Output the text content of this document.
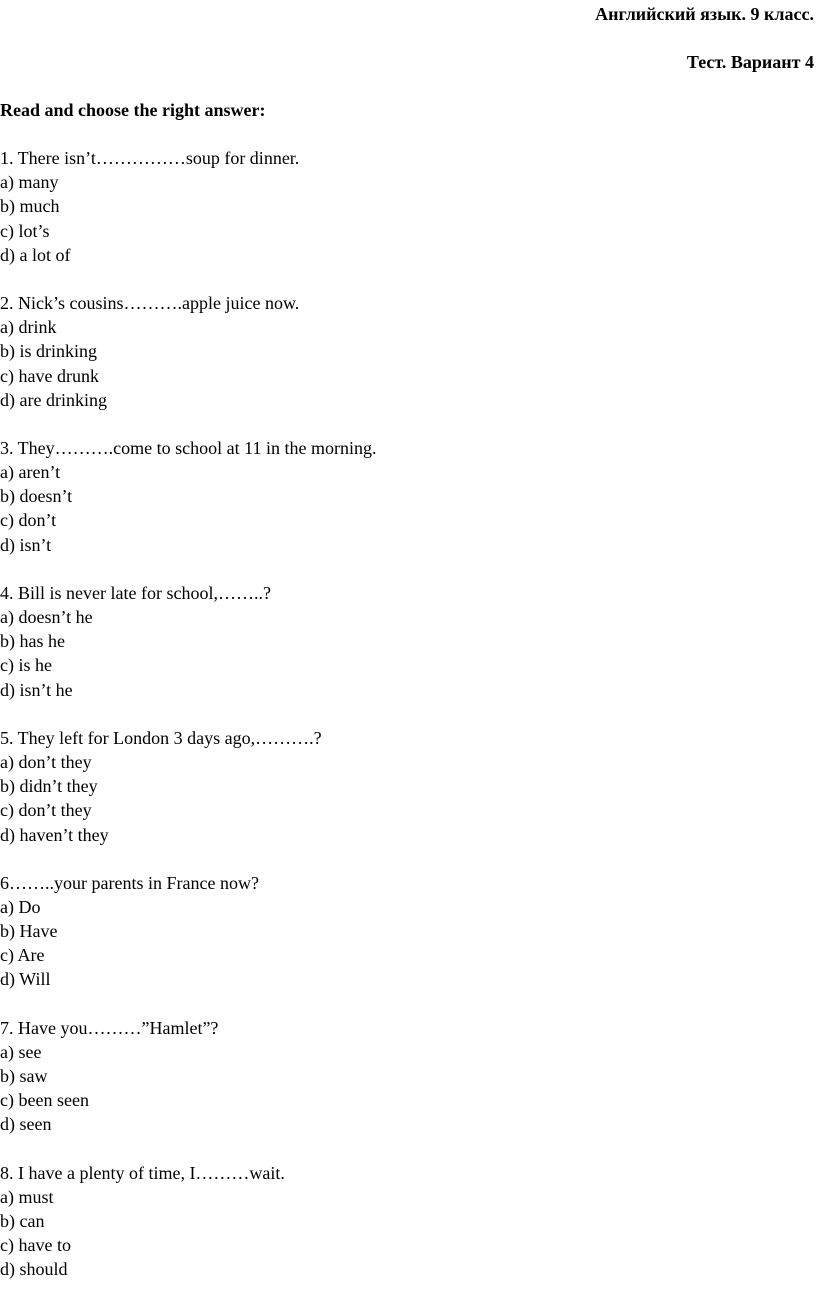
Английский язык. 9 класс.
Тест. Вариант 4
Read and choose the right answer:
1. There isn’t……………soup for dinner.
a) many
b) much
c) lot’s
d) a lot of
2. Nick’s cousins……….apple juice now.
a) drink
b) is drinking
c) have drunk
d) are drinking
3. They……….come to school at 11 in the morning.
a) aren’t
b) doesn’t
c) don’t
d) isn’t
4. Bill is never late for school,……..?
a) doesn’t he
b) has he
c) is he
d) isn’t he
5. They left for London 3 days ago,……….?
a) don’t they
b) didn’t they
c) don’t they
d) haven’t they
6……..your parents in France now?
a) Do
b) Have
c) Are
d) Will
7. Have you………”Hamlet”?
a) see
b) saw
c) been seen
d) seen
8. I have a plenty of time, I………wait.
a) must
b) can
c) have to
d) should
